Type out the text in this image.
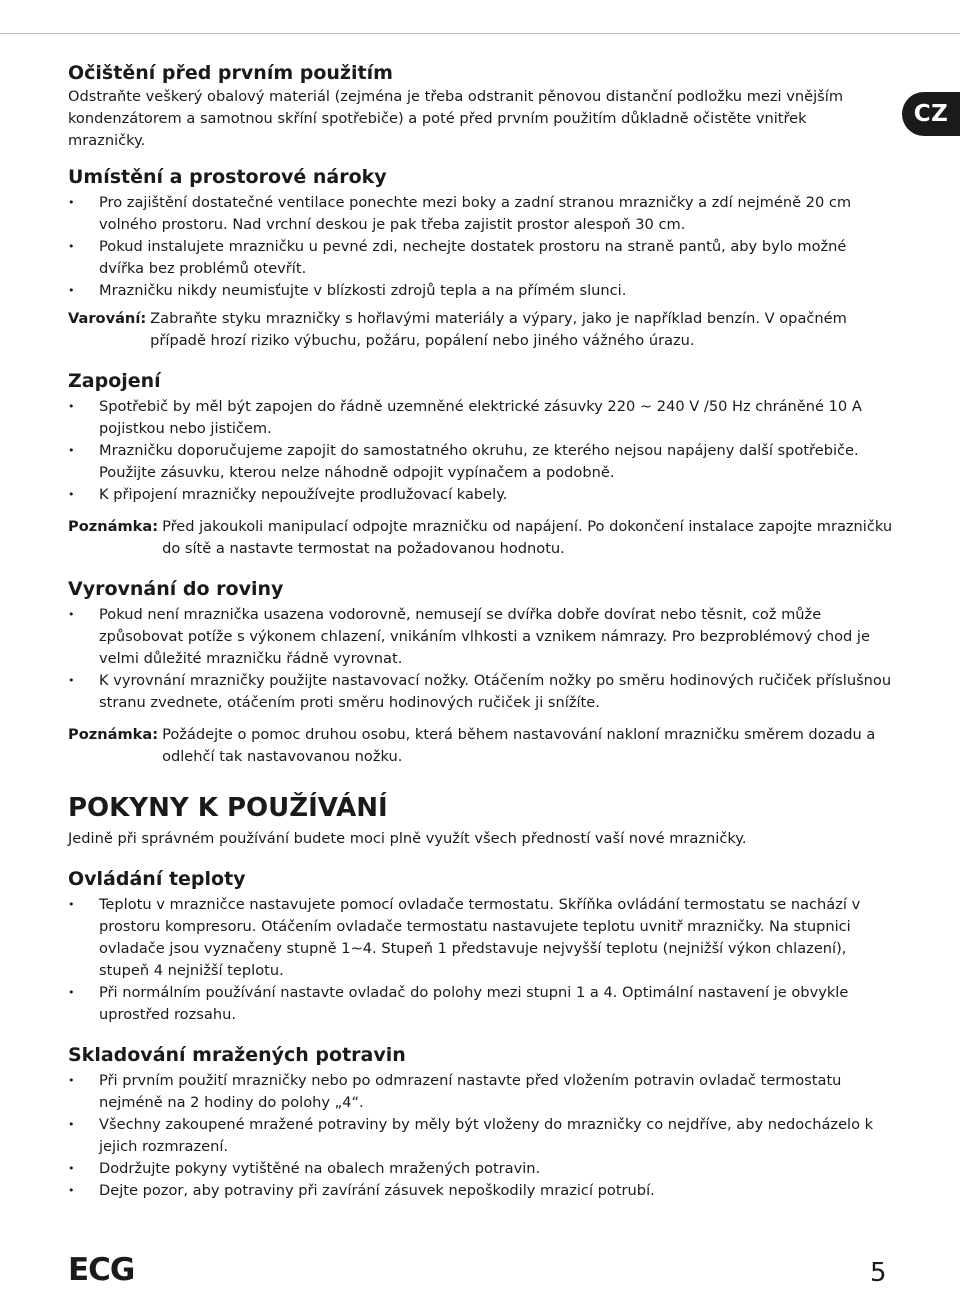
CZ
Očištění před prvním použitím

Odstraňte veškerý obalový materiál (zejména je třeba odstranit pěnovou distanční podložku mezi vnějším kondenzátorem a samotnou skříní spotřebiče) a poté před prvním použitím důkladně očistěte vnitřek mrazničky.

Umístění a prostorové nároky
• Pro zajištění dostatečné ventilace ponechte mezi boky a zadní stranou mrazničky a zdí nejméně 20 cm volného prostoru. Nad vrchní deskou je pak třeba zajistit prostor alespoň 30 cm.
• Pokud instalujete mrazničku u pevné zdi, nechejte dostatek prostoru na straně pantů, aby bylo možné dvířka bez problémů otevřít.
• Mrazničku nikdy neumisťujte v blízkosti zdrojů tepla a na přímém slunci.
Varování: Zabraňte styku mrazničky s hořlavými materiály a výpary, jako je například benzín. V opačném případě hrozí riziko výbuchu, požáru, popálení nebo jiného vážného úrazu.
Zapojení
• Spotřebič by měl být zapojen do řádně uzemněné elektrické zásuvky 220 ~ 240 V /50 Hz chráněné 10 A pojistkou nebo jističem.
• Mrazničku doporučujeme zapojit do samostatného okruhu, ze kterého nejsou napájeny další spotřebiče. Použijte zásuvku, kterou nelze náhodně odpojit vypínačem a podobně.
• K připojení mrazničky nepoužívejte prodlužovací kabely.
Poznámka: Před jakoukoli manipulací odpojte mrazničku od napájení. Po dokončení instalace zapojte mrazničku do sítě a nastavte termostat na požadovanou hodnotu.
Vyrovnání do roviny
• Pokud není mraznička usazena vodorovně, nemusejí se dvířka dobře dovírat nebo těsnit, což může způsobovat potíže s výkonem chlazení, vnikáním vlhkosti a vznikem námrazy. Pro bezproblémový chod je velmi důležité mrazničku řádně vyrovnat.
• K vyrovnání mrazničky použijte nastavovací nožky. Otáčením nožky po směru hodinových ručiček příslušnou stranu zvednete, otáčením proti směru hodinových ručiček ji snížíte.
Poznámka: Požádejte o pomoc druhou osobu, která během nastavování nakloní mrazničku směrem dozadu a odlehčí tak nastavovanou nožku.
POKYNY K POUŽÍVÁNÍ

Jedině při správném používání budete moci plně využít všech předností vaší nové mrazničky.

Ovládání teploty
• Teplotu v mrazničce nastavujete pomocí ovladače termostatu. Skříňka ovládání termostatu se nachází v prostoru kompresoru. Otáčením ovladače termostatu nastavujete teplotu uvnitř mrazničky. Na stupnici ovladače jsou vyznačeny stupně 1~4. Stupeň 1 představuje nejvyšší teplotu (nejnižší výkon chlazení), stupeň 4 nejnižší teplotu.
• Při normálním používání nastavte ovladač do polohy mezi stupni 1 a 4. Optimální nastavení je obvykle uprostřed rozsahu.
Skladování mražených potravin
• Při prvním použití mrazničky nebo po odmrazení nastavte před vložením potravin ovladač termostatu nejméně na 2 hodiny do polohy „4“.
• Všechny zakoupené mražené potraviny by měly být vloženy do mrazničky co nejdříve, aby nedocházelo k jejich rozmrazení.
• Dodržujte pokyny vytištěné na obalech mražených potravin.
• Dejte pozor, aby potraviny při zavírání zásuvek nepoškodily mrazicí potrubí.
ECG	5
